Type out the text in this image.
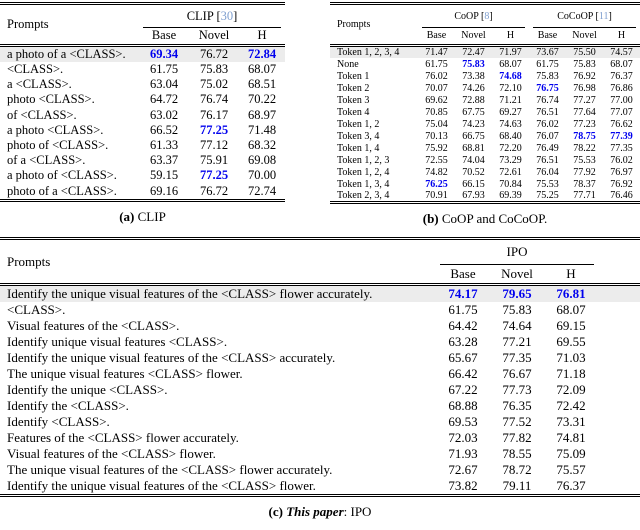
Prompts	CLIP [30]		
	Base	Novel	H
a photo of a <CLASS>.	69.34	76.72	72.84
<CLASS>.	61.75	75.83	68.07
a <CLASS>.	63.04	75.02	68.51
photo <CLASS>.	64.72	76.74	70.22
of <CLASS>.	63.02	76.17	68.97
a photo <CLASS>.	66.52	77.25	71.48
photo of <CLASS>.	61.33	77.12	68.32
of a <CLASS>.	63.37	75.91	69.08
a photo of <CLASS>.	59.15	77.25	70.00
photo of a <CLASS>.	69.16	76.72	72.74
(a) CLIP
Prompts	CoOP [8]			CoCoOP [11]		
	Base	Novel	H	Base	Novel	H
Token 1, 2, 3, 4	71.47	72.47	71.97	73.67	75.50	74.57
None	61.75	75.83	68.07	61.75	75.83	68.07
Token 1	76.02	73.38	74.68	75.83	76.92	76.37
Token 2	70.07	74.26	72.10	76.75	76.98	76.86
Token 3	69.62	72.88	71.21	76.74	77.27	77.00
Token 4	70.85	67.75	69.27	76.51	77.64	77.07
Token 1, 2	75.04	74.23	74.63	76.02	77.23	76.62
Token 3, 4	70.13	66.75	68.40	76.07	78.75	77.39
Token 1, 4	75.92	68.81	72.20	76.49	78.22	77.35
Token 1, 2, 3	72.55	74.04	73.29	76.51	75.53	76.02
Token 1, 2, 4	74.82	70.52	72.61	76.04	77.92	76.97
Token 1, 3, 4	76.25	66.15	70.84	75.53	78.37	76.92
Token 2, 3, 4	70.91	67.93	69.39	75.25	77.71	76.46
(b) CoOP and CoCoOP.
Prompts	IPO			
	Base	Novel	H	
Identify the unique visual features of the <CLASS> flower accurately.	74.17	79.65	76.81	
<CLASS>.	61.75	75.83	68.07	
Visual features of the <CLASS>.	64.42	74.64	69.15	
Identify unique visual features <CLASS>.	63.28	77.21	69.55	
Identify the unique visual features of the <CLASS> accurately.	65.67	77.35	71.03	
The unique visual features <CLASS> flower.	66.42	76.67	71.18	
Identify the unique <CLASS>.	67.22	77.73	72.09	
Identify the <CLASS>.	68.88	76.35	72.42	
Identify <CLASS>.	69.53	77.52	73.31	
Features of the <CLASS> flower accurately.	72.03	77.82	74.81	
Visual features of the <CLASS> flower.	71.93	78.55	75.09	
The unique visual features of the <CLASS> flower accurately.	72.67	78.72	75.57	
Identify the unique visual features of the <CLASS> flower.	73.82	79.11	76.37	
(c) This paper: IPO
